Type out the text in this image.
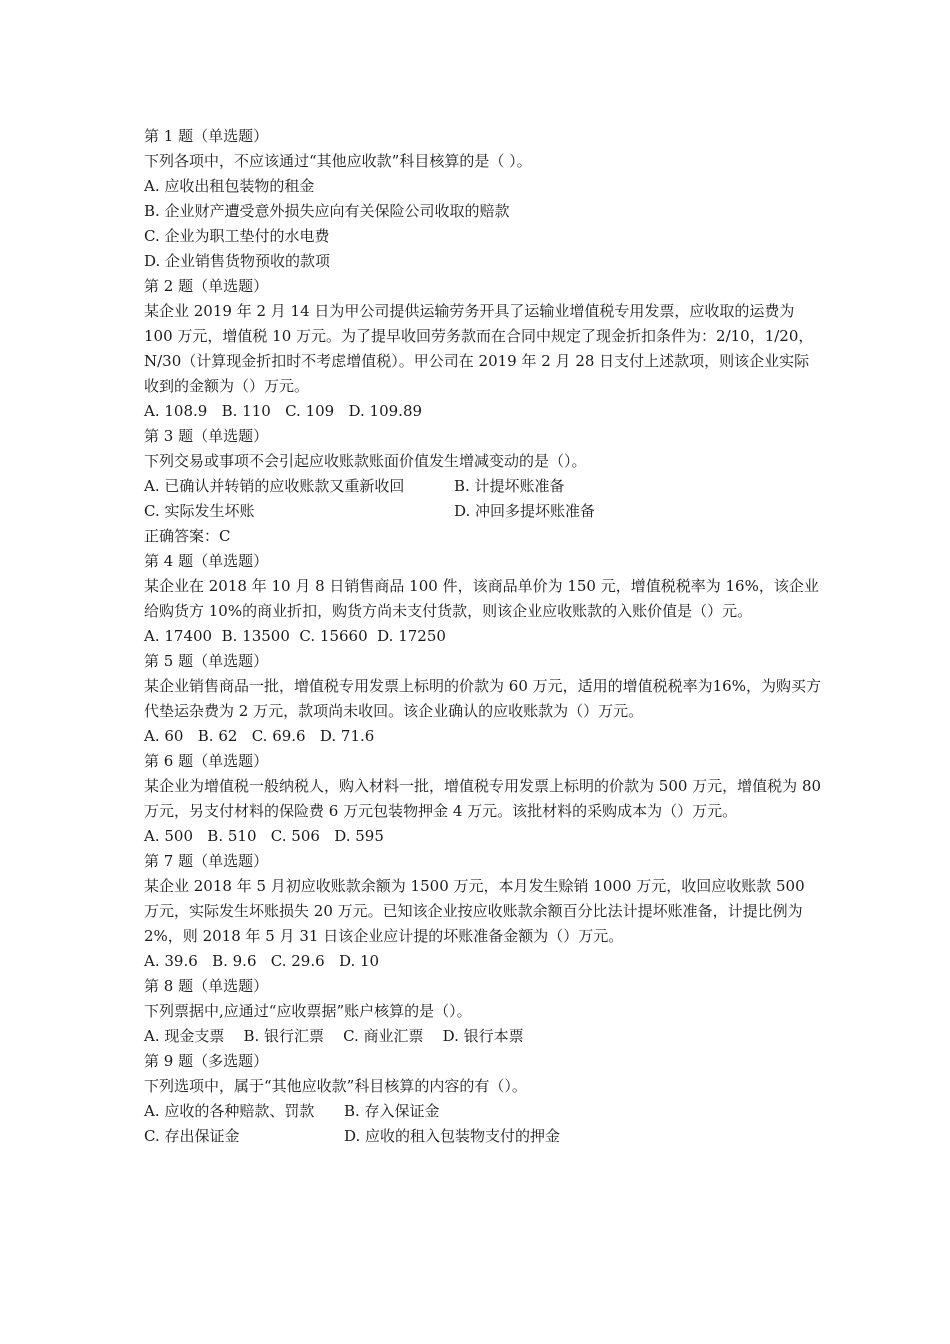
第 1 题（单选题）
下列各项中，不应该通过“其他应收款”科目核算的是（ ）。
A. 应收出租包装物的租金
B. 企业财产遭受意外损失应向有关保险公司收取的赔款
C. 企业为职工垫付的水电费
D. 企业销售货物预收的款项
第 2 题（单选题）
某企业 2019 年 2 月 14 日为甲公司提供运输劳务开具了运输业增值税专用发票，应收取的运费为 100 万元，增值税 10 万元。为了提早收回劳务款而在合同中规定了现金折扣条件为：2/10，1/20，N/30（计算现金折扣时不考虑增值税）。甲公司在 2019 年 2 月 28 日支付上述款项，则该企业实际收到的金额为（）万元。
A. 108.9   B. 110   C. 109   D. 109.89
第 3 题（单选题）
下列交易或事项不会引起应收账款账面价值发生增减变动的是（）。
A. 已确认并转销的应收账款又重新收回	B. 计提坏账准备
C. 实际发生坏账	D. 冲回多提坏账准备
正确答案：C
第 4 题（单选题）
某企业在 2018 年 10 月 8 日销售商品 100 件，该商品单价为 150 元，增值税税率为 16%，该企业给购货方 10%的商业折扣，购货方尚未支付货款，则该企业应收账款的入账价值是（）元。
A. 17400  B. 13500  C. 15660  D. 17250
第 5 题（单选题）
某企业销售商品一批，增值税专用发票上标明的价款为 60 万元，适用的增值税税率为16%，为购买方代垫运杂费为 2 万元，款项尚未收回。该企业确认的应收账款为（）万元。
A. 60   B. 62   C. 69.6   D. 71.6
第 6 题（单选题）
某企业为增值税一般纳税人，购入材料一批，增值税专用发票上标明的价款为 500 万元，增值税为 80 万元，另支付材料的保险费 6 万元包装物押金 4 万元。该批材料的采购成本为（）万元。
A. 500   B. 510   C. 506   D. 595
第 7 题（单选题）
某企业 2018 年 5 月初应收账款余额为 1500 万元，本月发生赊销 1000 万元，收回应收账款 500 万元，实际发生坏账损失 20 万元。已知该企业按应收账款余额百分比法计提坏账准备，计提比例为 2%，则 2018 年 5 月 31 日该企业应计提的坏账准备金额为（）万元。
A. 39.6   B. 9.6   C. 29.6   D. 10
第 8 题（单选题）
下列票据中,应通过“应收票据”账户核算的是（）。
A. 现金支票    B. 银行汇票    C. 商业汇票    D. 银行本票
第 9 题（多选题）
下列选项中，属于“其他应收款”科目核算的内容的有（）。
A. 应收的各种赔款、罚款	B. 存入保证金
C. 存出保证金	D. 应收的租入包装物支付的押金
